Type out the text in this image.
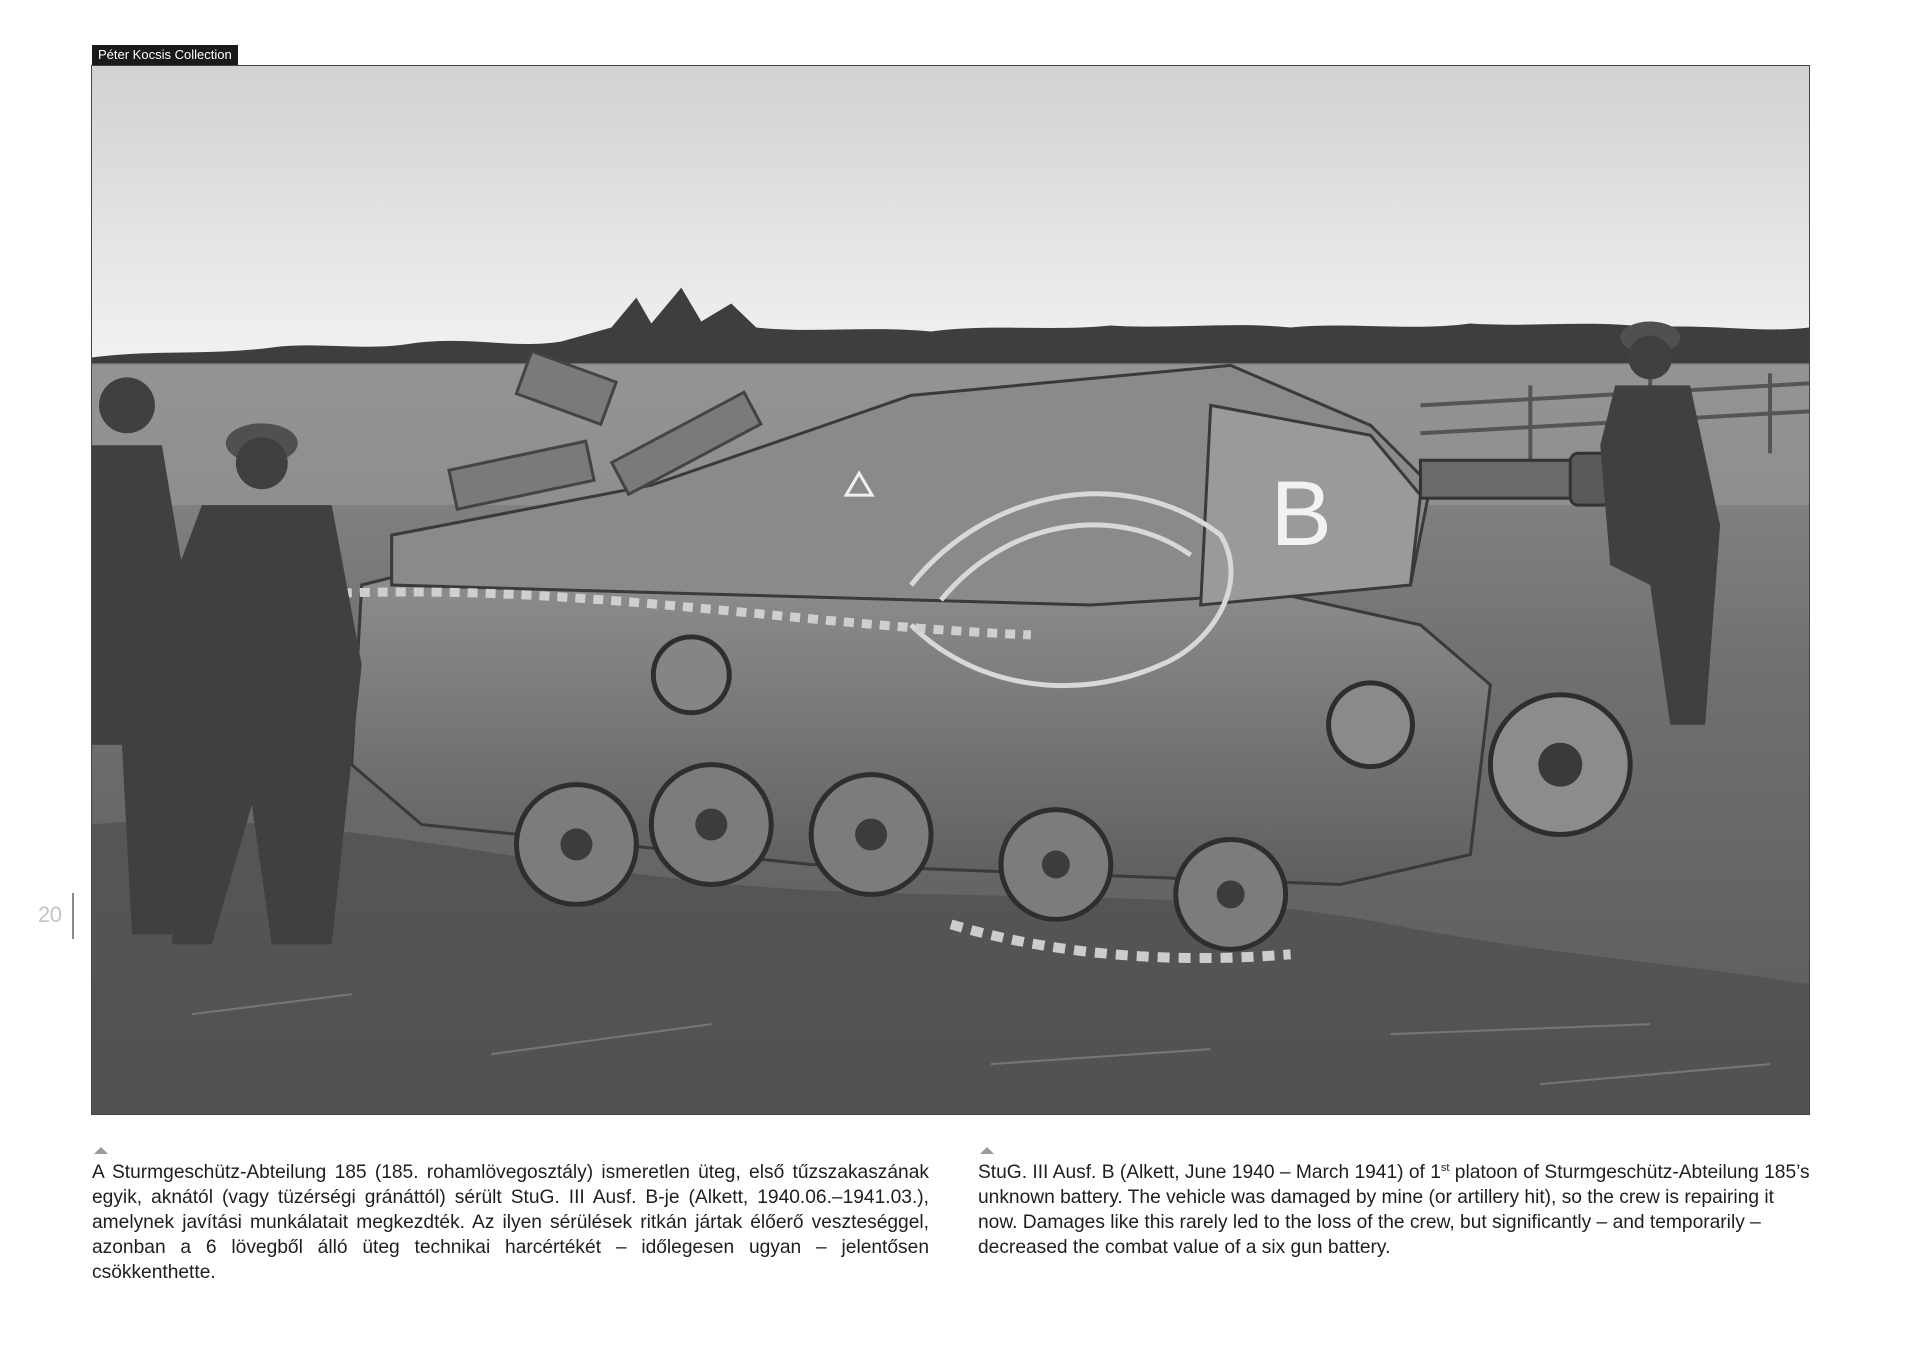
Péter Kocsis Collection
B
20

A Sturmgeschütz-Abteilung 185 (185. rohamlövegosztály) ismeretlen üteg, első tűzszakaszának egyik, aknától (vagy tüzérségi gránáttól) sérült StuG. III Ausf. B-je (Alkett, 1940.06.–1941.03.), amelynek javítási munkálatait megkezdték. Az ilyen sérülések ritkán jártak élőerő veszteséggel, azonban a 6 lövegből álló üteg technikai harcértékét – időlegesen ugyan – jelentősen csökkenthette.

StuG. III Ausf. B (Alkett, June 1940 – March 1941) of 1st platoon of Sturmgeschütz-Abteilung 185’s unknown battery. The vehicle was damaged by mine (or artillery hit), so the crew is repairing it now. Damages like this rarely led to the loss of the crew, but significantly – and temporarily – decreased the combat value of a six gun battery.
